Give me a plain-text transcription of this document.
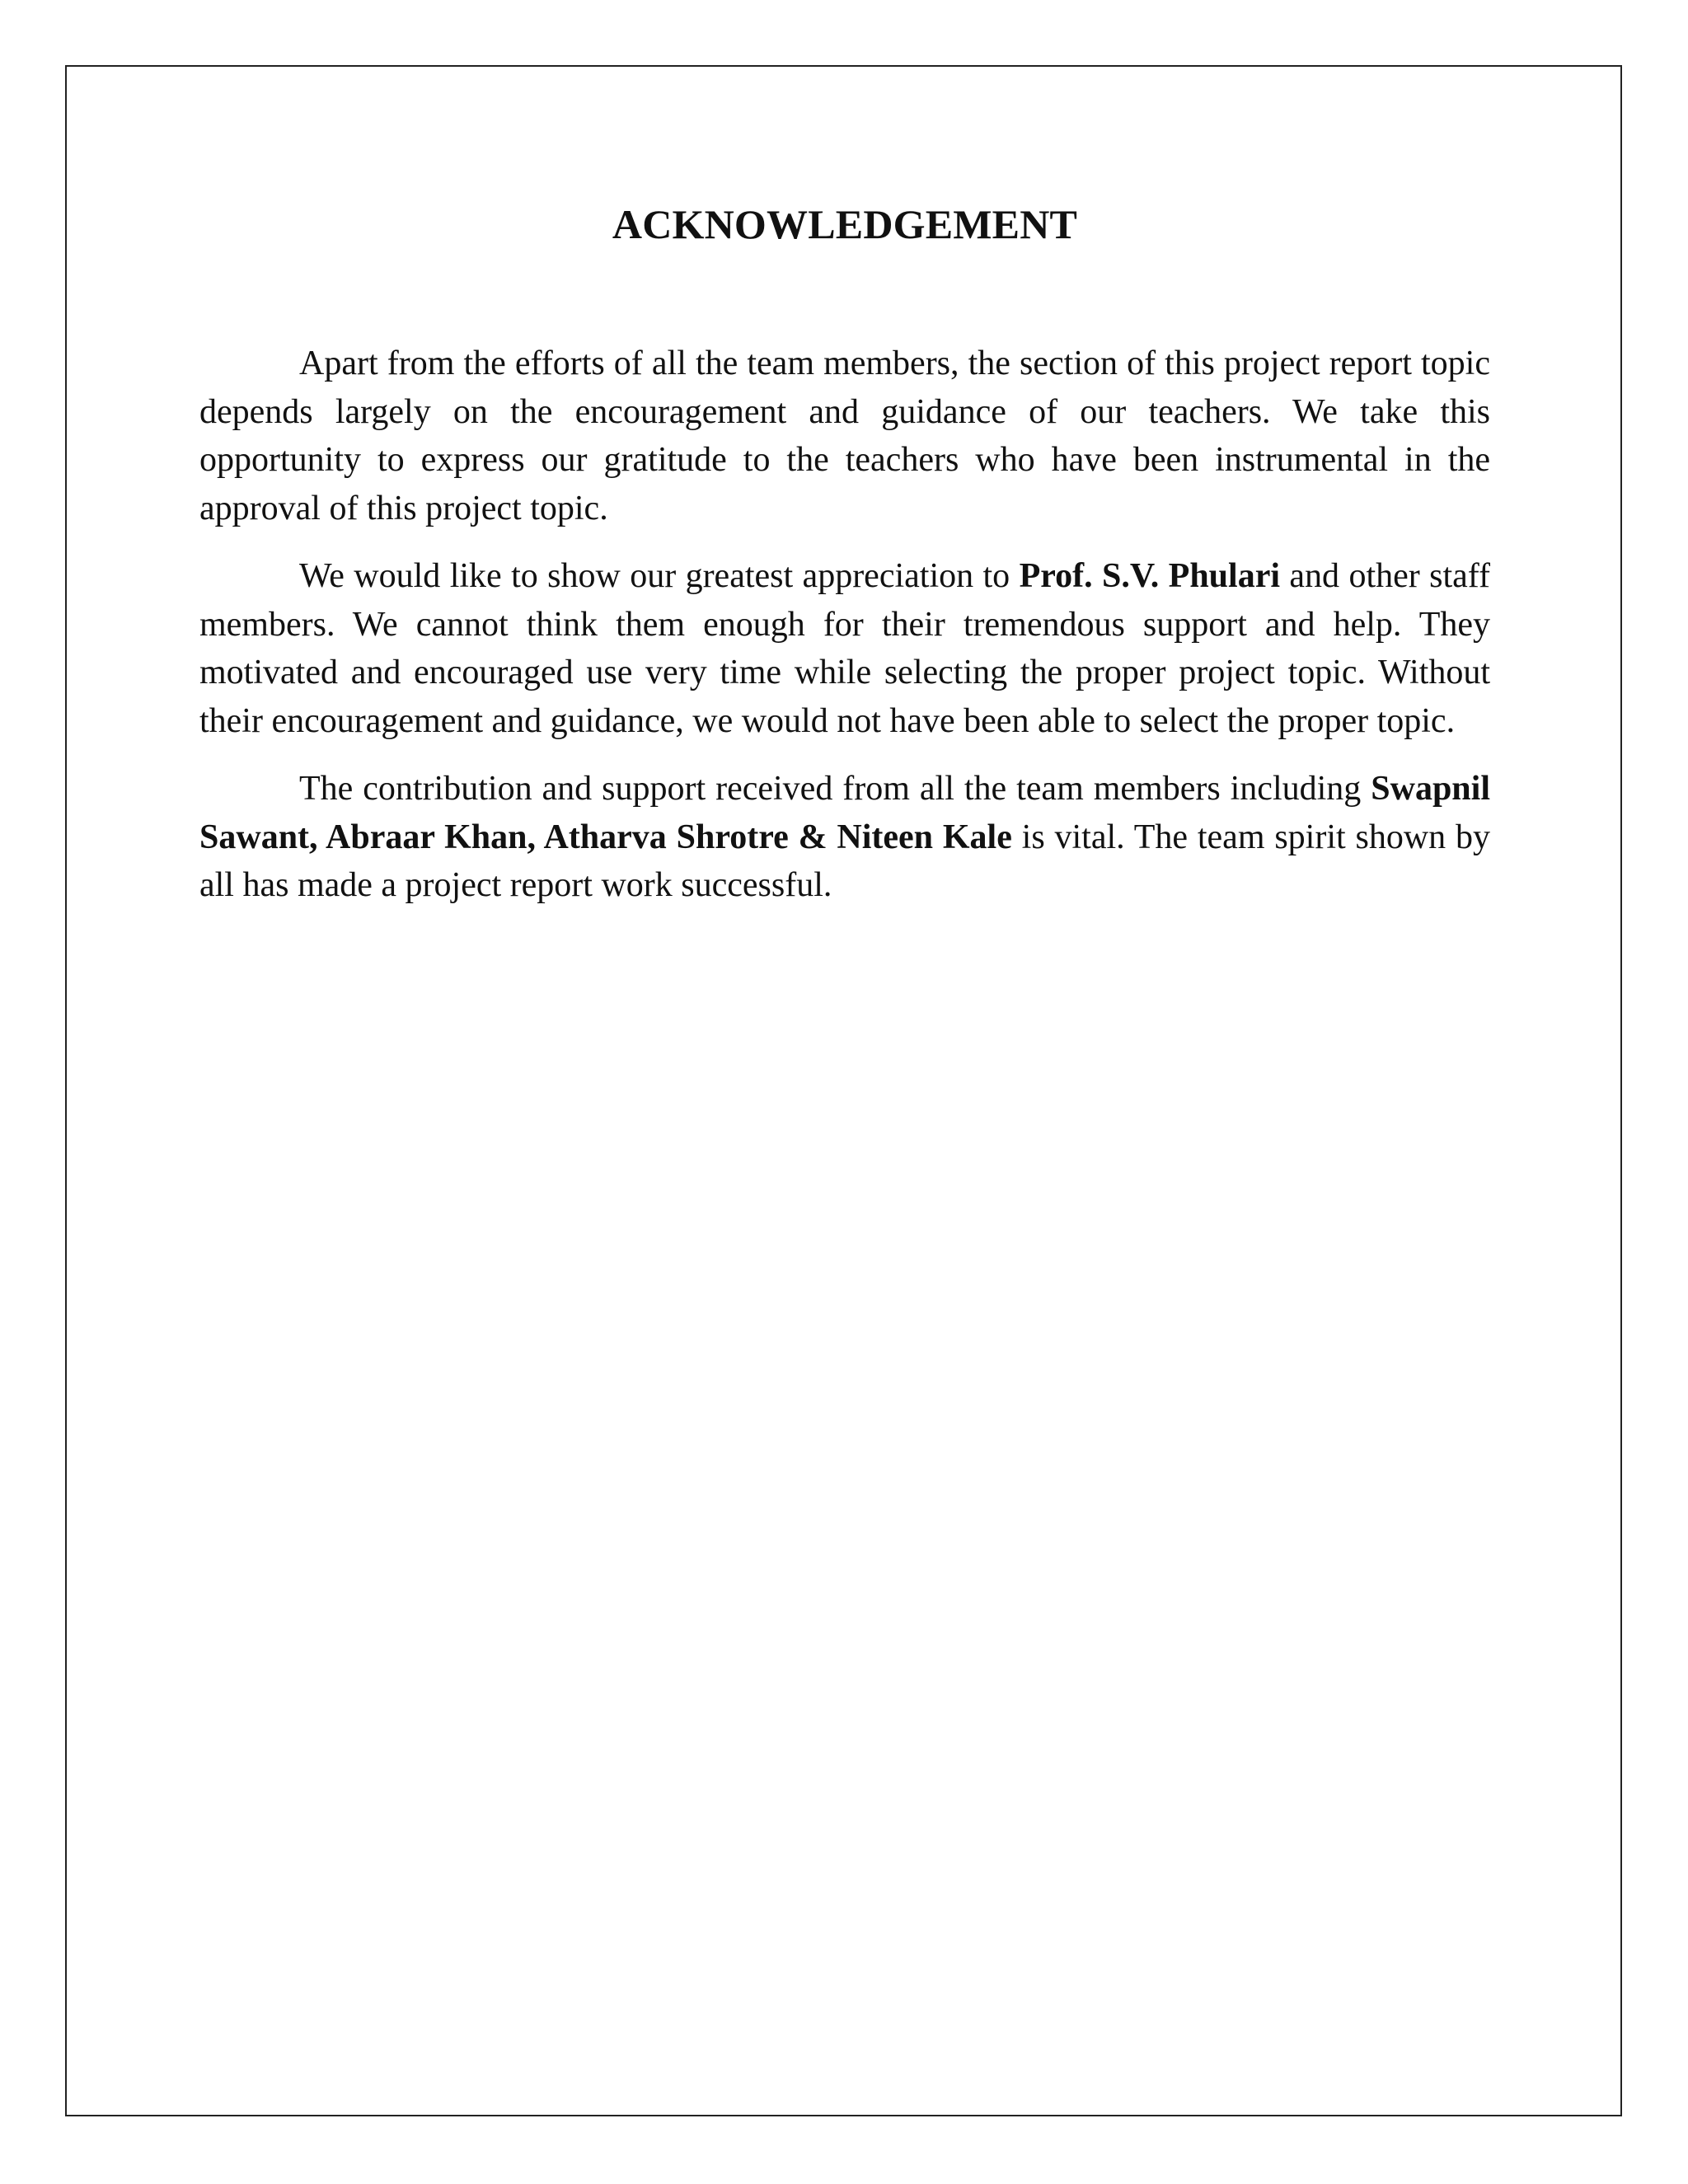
ACKNOWLEDGEMENT

Apart from the efforts of all the team members, the section of this project report topic depends largely on the encouragement and guidance of our teachers. We take this opportunity to express our gratitude to the teachers who have been instrumental in the approval of this project topic.

We would like to show our greatest appreciation to Prof. S.V. Phulari and other staff members. We cannot think them enough for their tremendous support and help. They motivated and encouraged use very time while selecting the proper project topic. Without their encouragement and guidance, we would not have been able to select the proper topic.

The contribution and support received from all the team members including Swapnil Sawant, Abraar Khan, Atharva Shrotre & Niteen Kale is vital. The team spirit shown by all has made a project report work successful.
